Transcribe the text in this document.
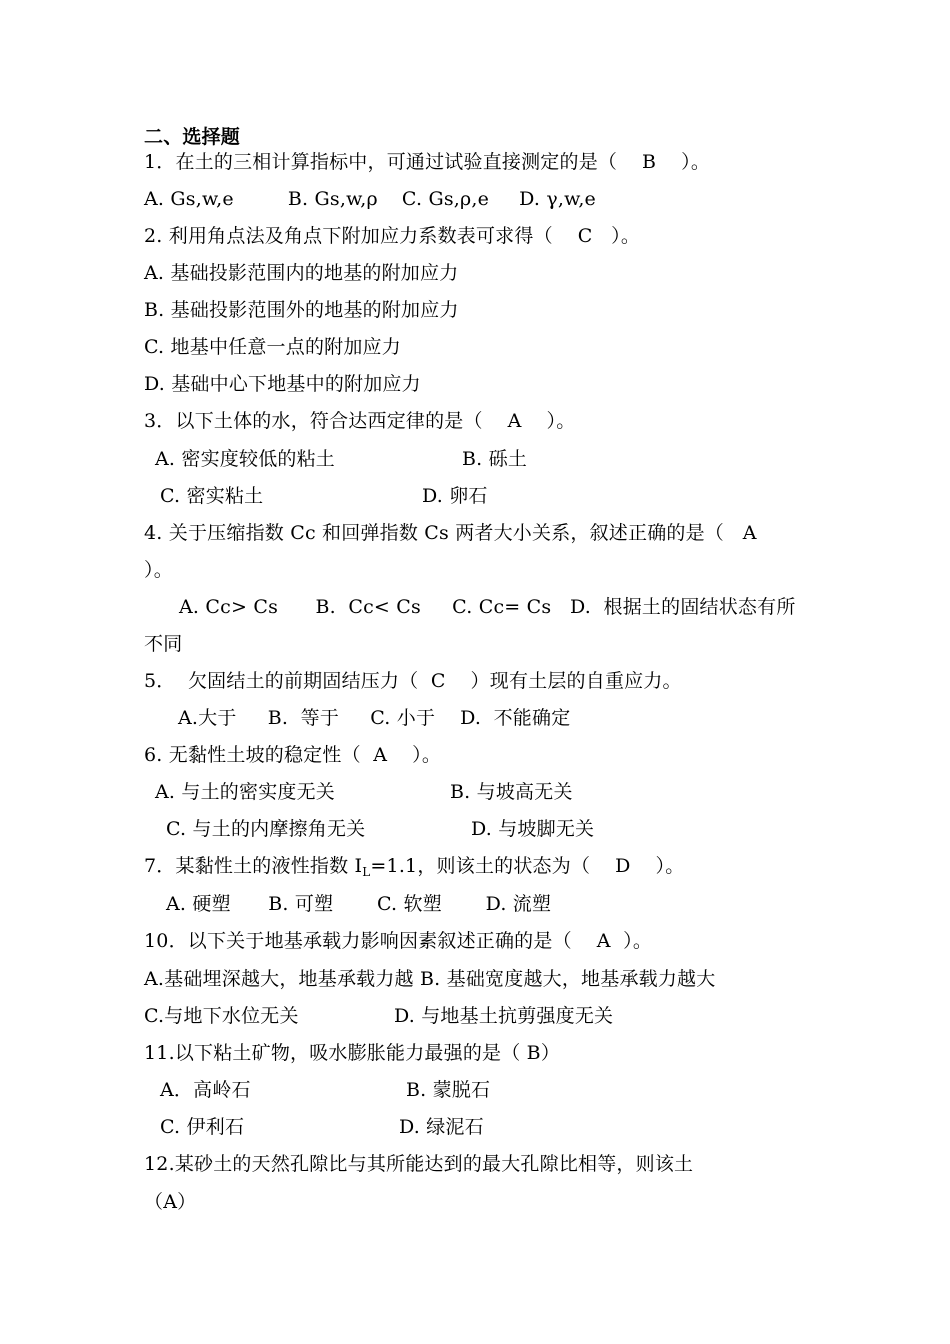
二、选择题
1．在土的三相计算指标中，可通过试验直接测定的是（    B    ）。
A. Gs,w,e	B. Gs,w,ρ C. Gs,ρ,e D. γ,w,e
2. 利用角点法及角点下附加应力系数表可求得（    C   ）。
A. 基础投影范围内的地基的附加应力
B. 基础投影范围外的地基的附加应力
C. 地基中任意一点的附加应力
D. 基础中心下地基中的附加应力
3．以下土体的水，符合达西定律的是（    A    ）。
A. 密实度较低的粘土	B. 砾土
C. 密实粘土	D. 卵石
4. 关于压缩指数 Cc 和回弹指数 Cs 两者大小关系，叙述正确的是（   A
）。
A. Cc> Cs      B.  Cc< Cs     C. Cc= Cs   D.  根据土的固结状态有所
不同
5．  欠固结土的前期固结压力（  C    ）现有土层的自重应力。
A.大于     B.  等于     C. 小于    D.  不能确定
6. 无黏性土坡的稳定性（  A    ）。
A. 与土的密实度无关	B. 与坡高无关
C. 与土的内摩擦角无关	D. 与坡脚无关
7．某黏性土的液性指数 $I_L=1.1$，则该土的状态为（    D    ）。
A. 硬塑      B. 可塑       C. 软塑       D. 流塑
10．以下关于地基承载力影响因素叙述正确的是（    A  ）。
A.基础埋深越大，地基承载力越 B. 基础宽度越大，地基承载力越大
C.与地下水位无关	D. 与地基土抗剪强度无关
11.以下粘土矿物，吸水膨胀能力最强的是（ B）
A．高岭石	B. 蒙脱石
C. 伊利石	D. 绿泥石
12.某砂土的天然孔隙比与其所能达到的最大孔隙比相等，则该土
（A）
